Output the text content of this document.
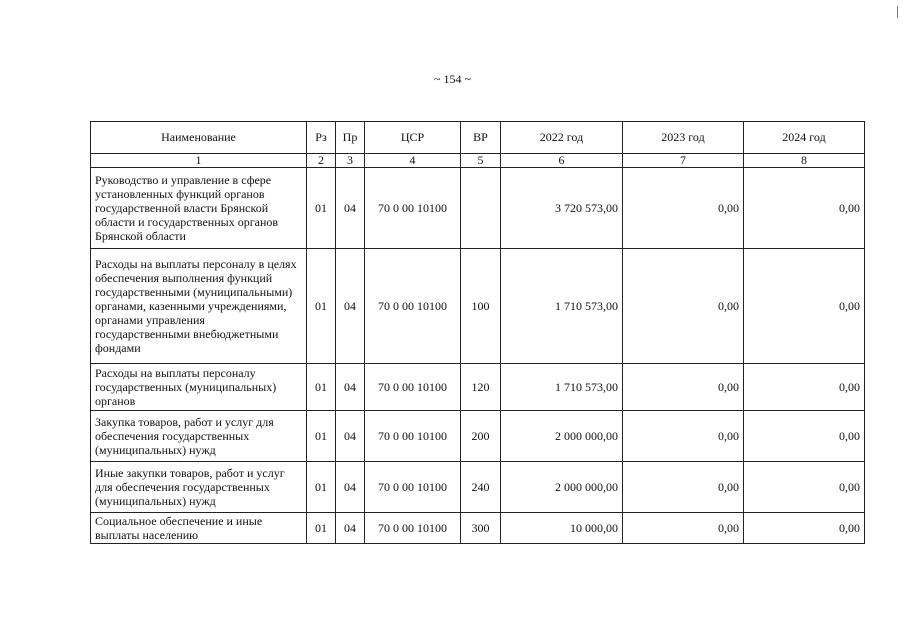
~ 154 ~
Наименование	Рз	Пр	ЦСР	ВР	2022 год	2023 год	2024 год
1	2	3	4	5	6	7	8
Руководство и управление в сфере установленных функций органов государственной власти Брянской области и государственных органов Брянской области	01	04	70 0 00 10100		3 720 573,00	0,00	0,00
Расходы на выплаты персоналу в целях обеспечения выполнения функций государственными (муниципальными) органами, казенными учреждениями, органами управления государственными внебюджетными фондами	01	04	70 0 00 10100	100	1 710 573,00	0,00	0,00
Расходы на выплаты персоналу государственных (муниципальных) органов	01	04	70 0 00 10100	120	1 710 573,00	0,00	0,00
Закупка товаров, работ и услуг для обеспечения государственных (муниципальных) нужд	01	04	70 0 00 10100	200	2 000 000,00	0,00	0,00
Иные закупки товаров, работ и услуг для обеспечения государственных (муниципальных) нужд	01	04	70 0 00 10100	240	2 000 000,00	0,00	0,00
Социальное обеспечение и иные выплаты населению	01	04	70 0 00 10100	300	10 000,00	0,00	0,00
